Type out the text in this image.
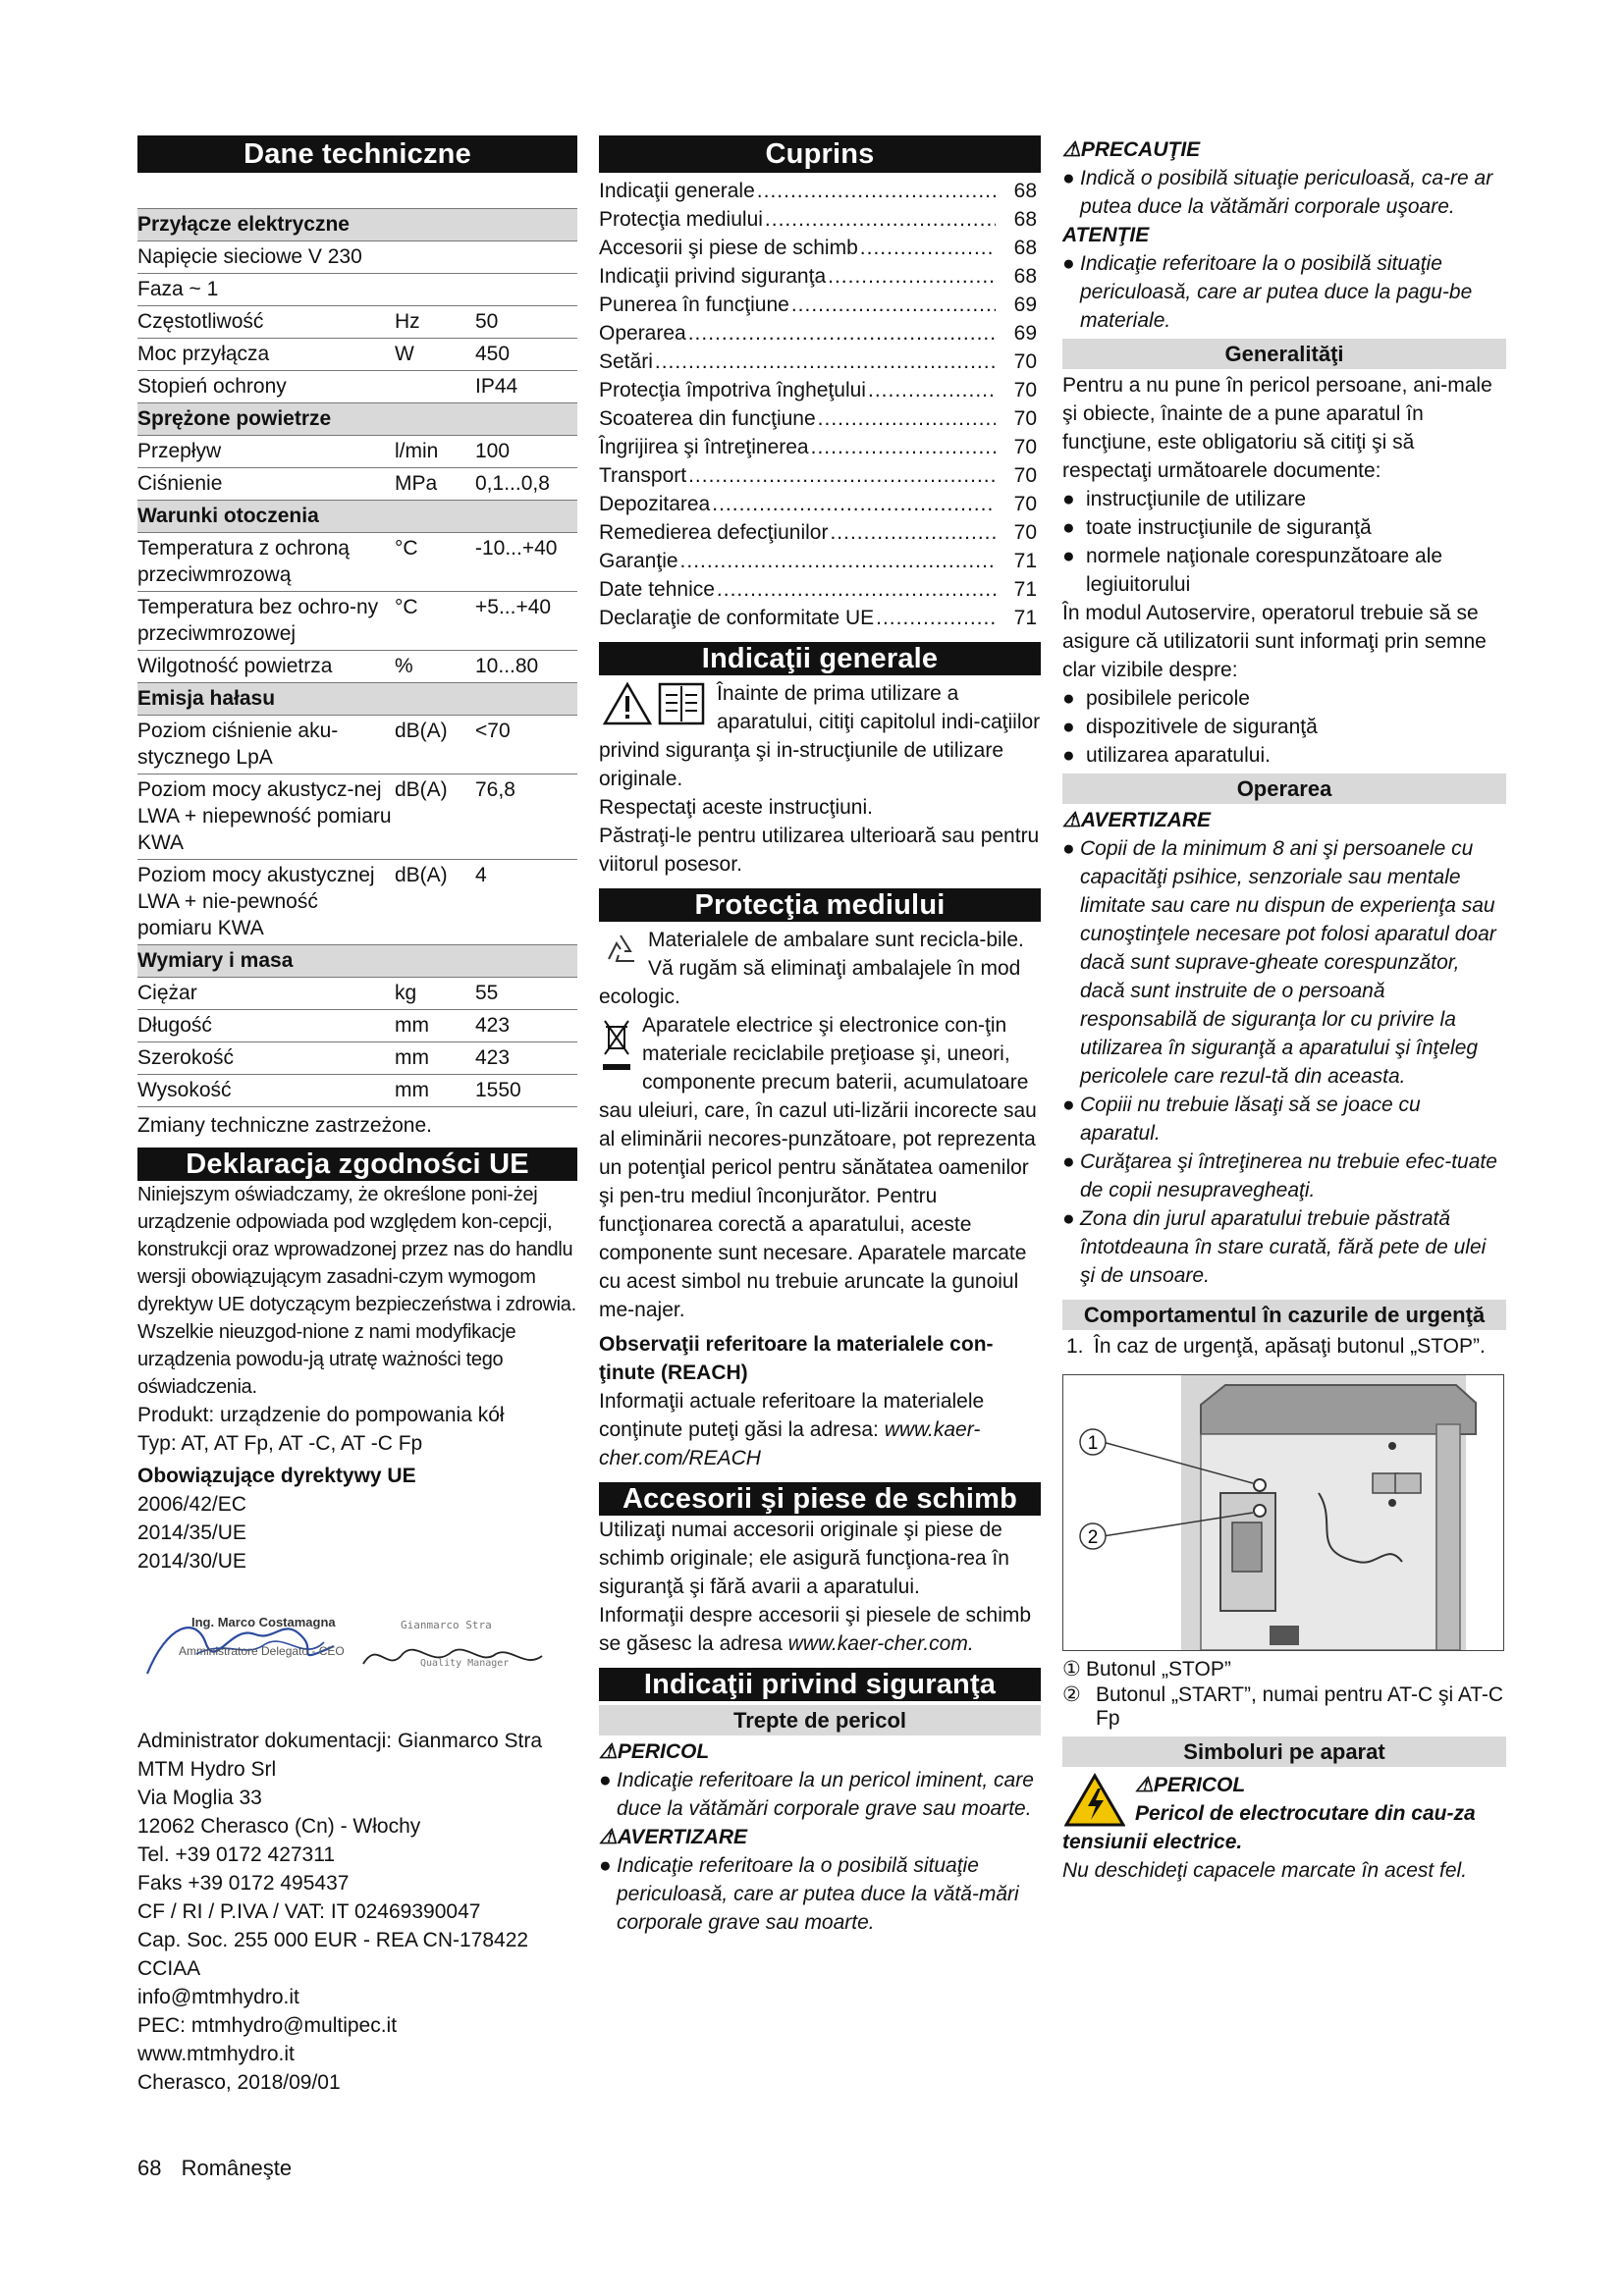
Dane techniczne

Przyłącze elektryczne		
Napięcie sieciowe V 230		
Faza ~ 1		
Częstotliwość	Hz	50
Moc przyłącza	W	450
Stopień ochrony		IP44
Sprężone powietrze		
Przepływ	l/min	100
Ciśnienie	MPa	0,1...0,8
Warunki otoczenia		
Temperatura z ochroną przeciwmrozową	°C	-10...+40
Temperatura bez ochro-ny przeciwmrozowej	°C	+5...+40
Wilgotność powietrza	%	10...80
Emisja hałasu		
Poziom ciśnienie aku-stycznego LpA	dB(A)	<70
Poziom mocy akustycz-nej LWA + niepewność pomiaru KWA	dB(A)	76,8
Poziom mocy akustycznej LWA + nie-pewność pomiaru KWA	dB(A)	4
Wymiary i masa		
Ciężar	kg	55
Długość	mm	423
Szerokość	mm	423
Wysokość	mm	1550

Zmiany techniczne zastrzeżone.

Deklaracja zgodności UE

Niniejszym oświadczamy, że określone poni-żej urządzenie odpowiada pod względem kon-cepcji, konstrukcji oraz wprowadzonej przez nas do handlu wersji obowiązującym zasadni-czym wymogom dyrektyw UE dotyczącym bezpieczeństwa i zdrowia. Wszelkie nieuzgod-nione z nami modyfikacje urządzenia powodu-ją utratę ważności tego oświadczenia.

Produkt: urządzenie do pompowania kół

Typ: AT, AT Fp, AT -C, AT -C Fp

Obowiązujące dyrektywy UE

2006/42/EC

2014/35/UE

2014/30/UE

Ing. Marco Costamagna
Amministratore Delegato - CEO
Gianmarco Stra
Quality Manager

Administrator dokumentacji: Gianmarco Stra

MTM Hydro Srl

Via Moglia 33

12062 Cherasco (Cn) - Włochy

Tel. +39 0172 427311

Faks +39 0172 495437

CF / RI / P.IVA / VAT: IT 02469390047

Cap. Soc. 255 000 EUR - REA CN-178422

CCIAA

info@mtmhydro.it

PEC: mtmhydro@multipec.it

www.mtmhydro.it

Cherasco, 2018/09/01

Cuprins
Indicaţii generale .....	68
Protecţia mediului .....	68
Accesorii şi piese de schimb .....	68
Indicaţii privind siguranţa .....	68
Punerea în funcţiune .....	69
Operarea .....	69
Setări .....	70
Protecţia împotriva îngheţului .....	70
Scoaterea din funcţiune .....	70
Îngrijirea şi întreţinerea .....	70
Transport .....	70
Depozitarea .....	70
Remedierea defecţiunilor .....	70
Garanţie .....	71
Date tehnice .....	71
Declaraţie de conformitate UE .....	71
Indicaţii generale

Înainte de prima utilizare a aparatului, citiţi capitolul indi-caţiilor privind siguranţa şi in-strucţiunile de utilizare originale.

Respectaţi aceste instrucţiuni.

Păstraţi-le pentru utilizarea ulterioară sau pentru viitorul posesor.

Protecţia mediului

Materialele de ambalare sunt recicla-bile. Vă rugăm să eliminaţi ambalajele în mod ecologic.

Aparatele electrice şi electronice con-ţin materiale reciclabile preţioase şi, uneori, componente precum baterii, acumulatoare sau uleiuri, care, în cazul uti-lizării incorecte sau al eliminării necores-punzătoare, pot reprezenta un potenţial pericol pentru sănătatea oamenilor şi pen-tru mediul înconjurător. Pentru funcţionarea corectă a aparatului, aceste componente sunt necesare. Aparatele marcate cu acest simbol nu trebuie aruncate la gunoiul me-najer.

Observaţii referitoare la materialele con-ţinute (REACH)

Informaţii actuale referitoare la materialele conţinute puteţi găsi la adresa: www.kaer-cher.com/REACH

Accesorii şi piese de schimb

Utilizaţi numai accesorii originale şi piese de schimb originale; ele asigură funcţiona-rea în siguranţă şi fără avarii a aparatului.

Informaţii despre accesorii şi piesele de schimb se găsesc la adresa www.kaer-cher.com.

Indicaţii privind siguranţa
Trepte de pericol
⚠PERICOL
● Indicaţie referitoare la un pericol iminent, care duce la vătămări corporale grave sau moarte.
⚠AVERTIZARE
● Indicaţie referitoare la o posibilă situaţie periculoasă, care ar putea duce la vătă-mări corporale grave sau moarte.
⚠PRECAUŢIE
● Indică o posibilă situaţie periculoasă, ca-re ar putea duce la vătămări corporale uşoare.
ATENŢIE
● Indicaţie referitoare la o posibilă situaţie periculoasă, care ar putea duce la pagu-be materiale.
Generalităţi

Pentru a nu pune în pericol persoane, ani-male şi obiecte, înainte de a pune aparatul în funcţiune, este obligatoriu să citiţi şi să respectaţi următoarele documente:

● instrucţiunile de utilizare
● toate instrucţiunile de siguranţă
● normele naţionale corespunzătoare ale legiuitorului

În modul Autoservire, operatorul trebuie să se asigure că utilizatorii sunt informaţi prin semne clar vizibile despre:

● posibilele pericole
● dispozitivele de siguranţă
● utilizarea aparatului.
Operarea
⚠AVERTIZARE
● Copii de la minimum 8 ani şi persoanele cu capacităţi psihice, senzoriale sau mentale limitate sau care nu dispun de experienţa sau cunoştinţele necesare pot folosi aparatul doar dacă sunt suprave-gheate corespunzător, dacă sunt instruite de o persoană responsabilă de siguranţa lor cu privire la utilizarea în siguranţă a aparatului şi înţeleg pericolele care rezul-tă din aceasta.
● Copiii nu trebuie lăsaţi să se joace cu aparatul.
● Curăţarea şi întreţinerea nu trebuie efec-tuate de copii nesupravegheaţi.
● Zona din jurul aparatului trebuie păstrată întotdeauna în stare curată, fără pete de ulei şi de unsoare.
Comportamentul în cazurile de urgenţă
1. În caz de urgenţă, apăsaţi butonul „STOP”.
1
2
① Butonul „STOP”
② Butonul „START”, numai pentru AT-C şi AT-C Fp
Simboluri pe aparat
⚠PERICOL

Pericol de electrocutare din cau-za tensiunii electrice.

Nu deschideţi capacele marcate în acest fel.

68 Româneşte
